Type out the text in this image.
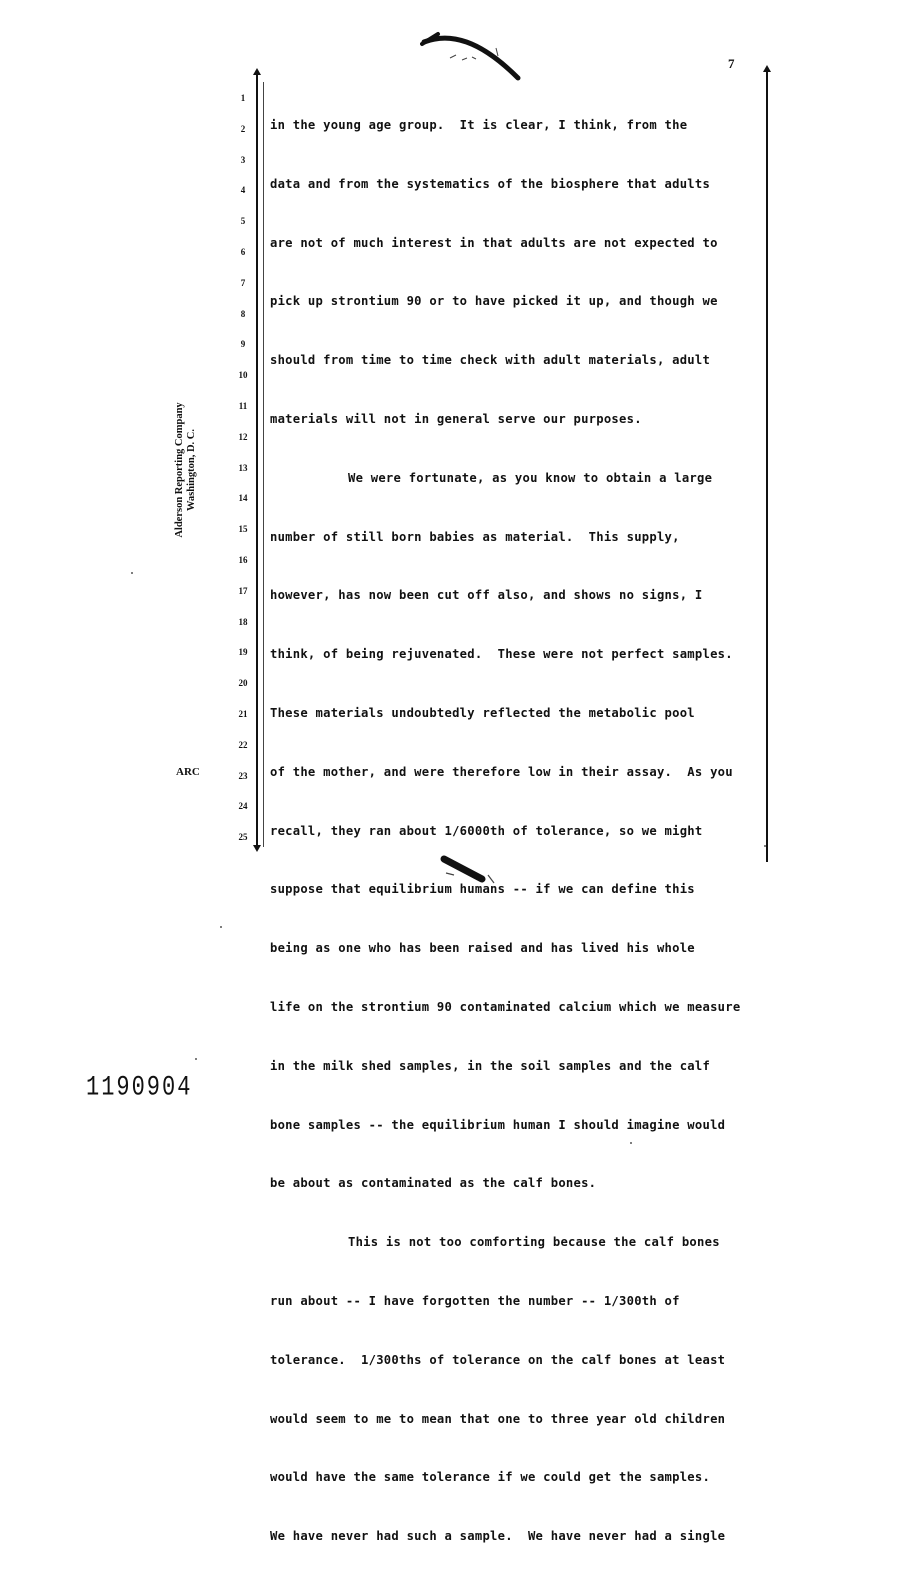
7
1
2
3
4
5
6
7
8
9
10
11
12
13
14
15
16
17
18
19
20
21
22
23
24
25

in the young age group.  It is clear, I think, from the

data and from the systematics of the biosphere that adults

are not of much interest in that adults are not expected to

pick up strontium 90 or to have picked it up, and though we

should from time to time check with adult materials, adult

materials will not in general serve our purposes.

We were fortunate, as you know to obtain a large

number of still born babies as material.  This supply,

however, has now been cut off also, and shows no signs, I

think, of being rejuvenated.  These were not perfect samples.

These materials undoubtedly reflected the metabolic pool

of the mother, and were therefore low in their assay.  As you

recall, they ran about 1/6000th of tolerance, so we might

suppose that equilibrium humans -- if we can define this

being as one who has been raised and has lived his whole

life on the strontium 90 contaminated calcium which we measure

in the milk shed samples, in the soil samples and the calf

bone samples -- the equilibrium human I should imagine would

be about as contaminated as the calf bones.

This is not too comforting because the calf bones

run about -- I have forgotten the number -- 1/300th of

tolerance.  1/300ths of tolerance on the calf bones at least

would seem to me to mean that one to three year old children

would have the same tolerance if we could get the samples.

We have never had such a sample.  We have never had a single

Alderson Reporting Company Washington, D. C.
ARC
1190904
